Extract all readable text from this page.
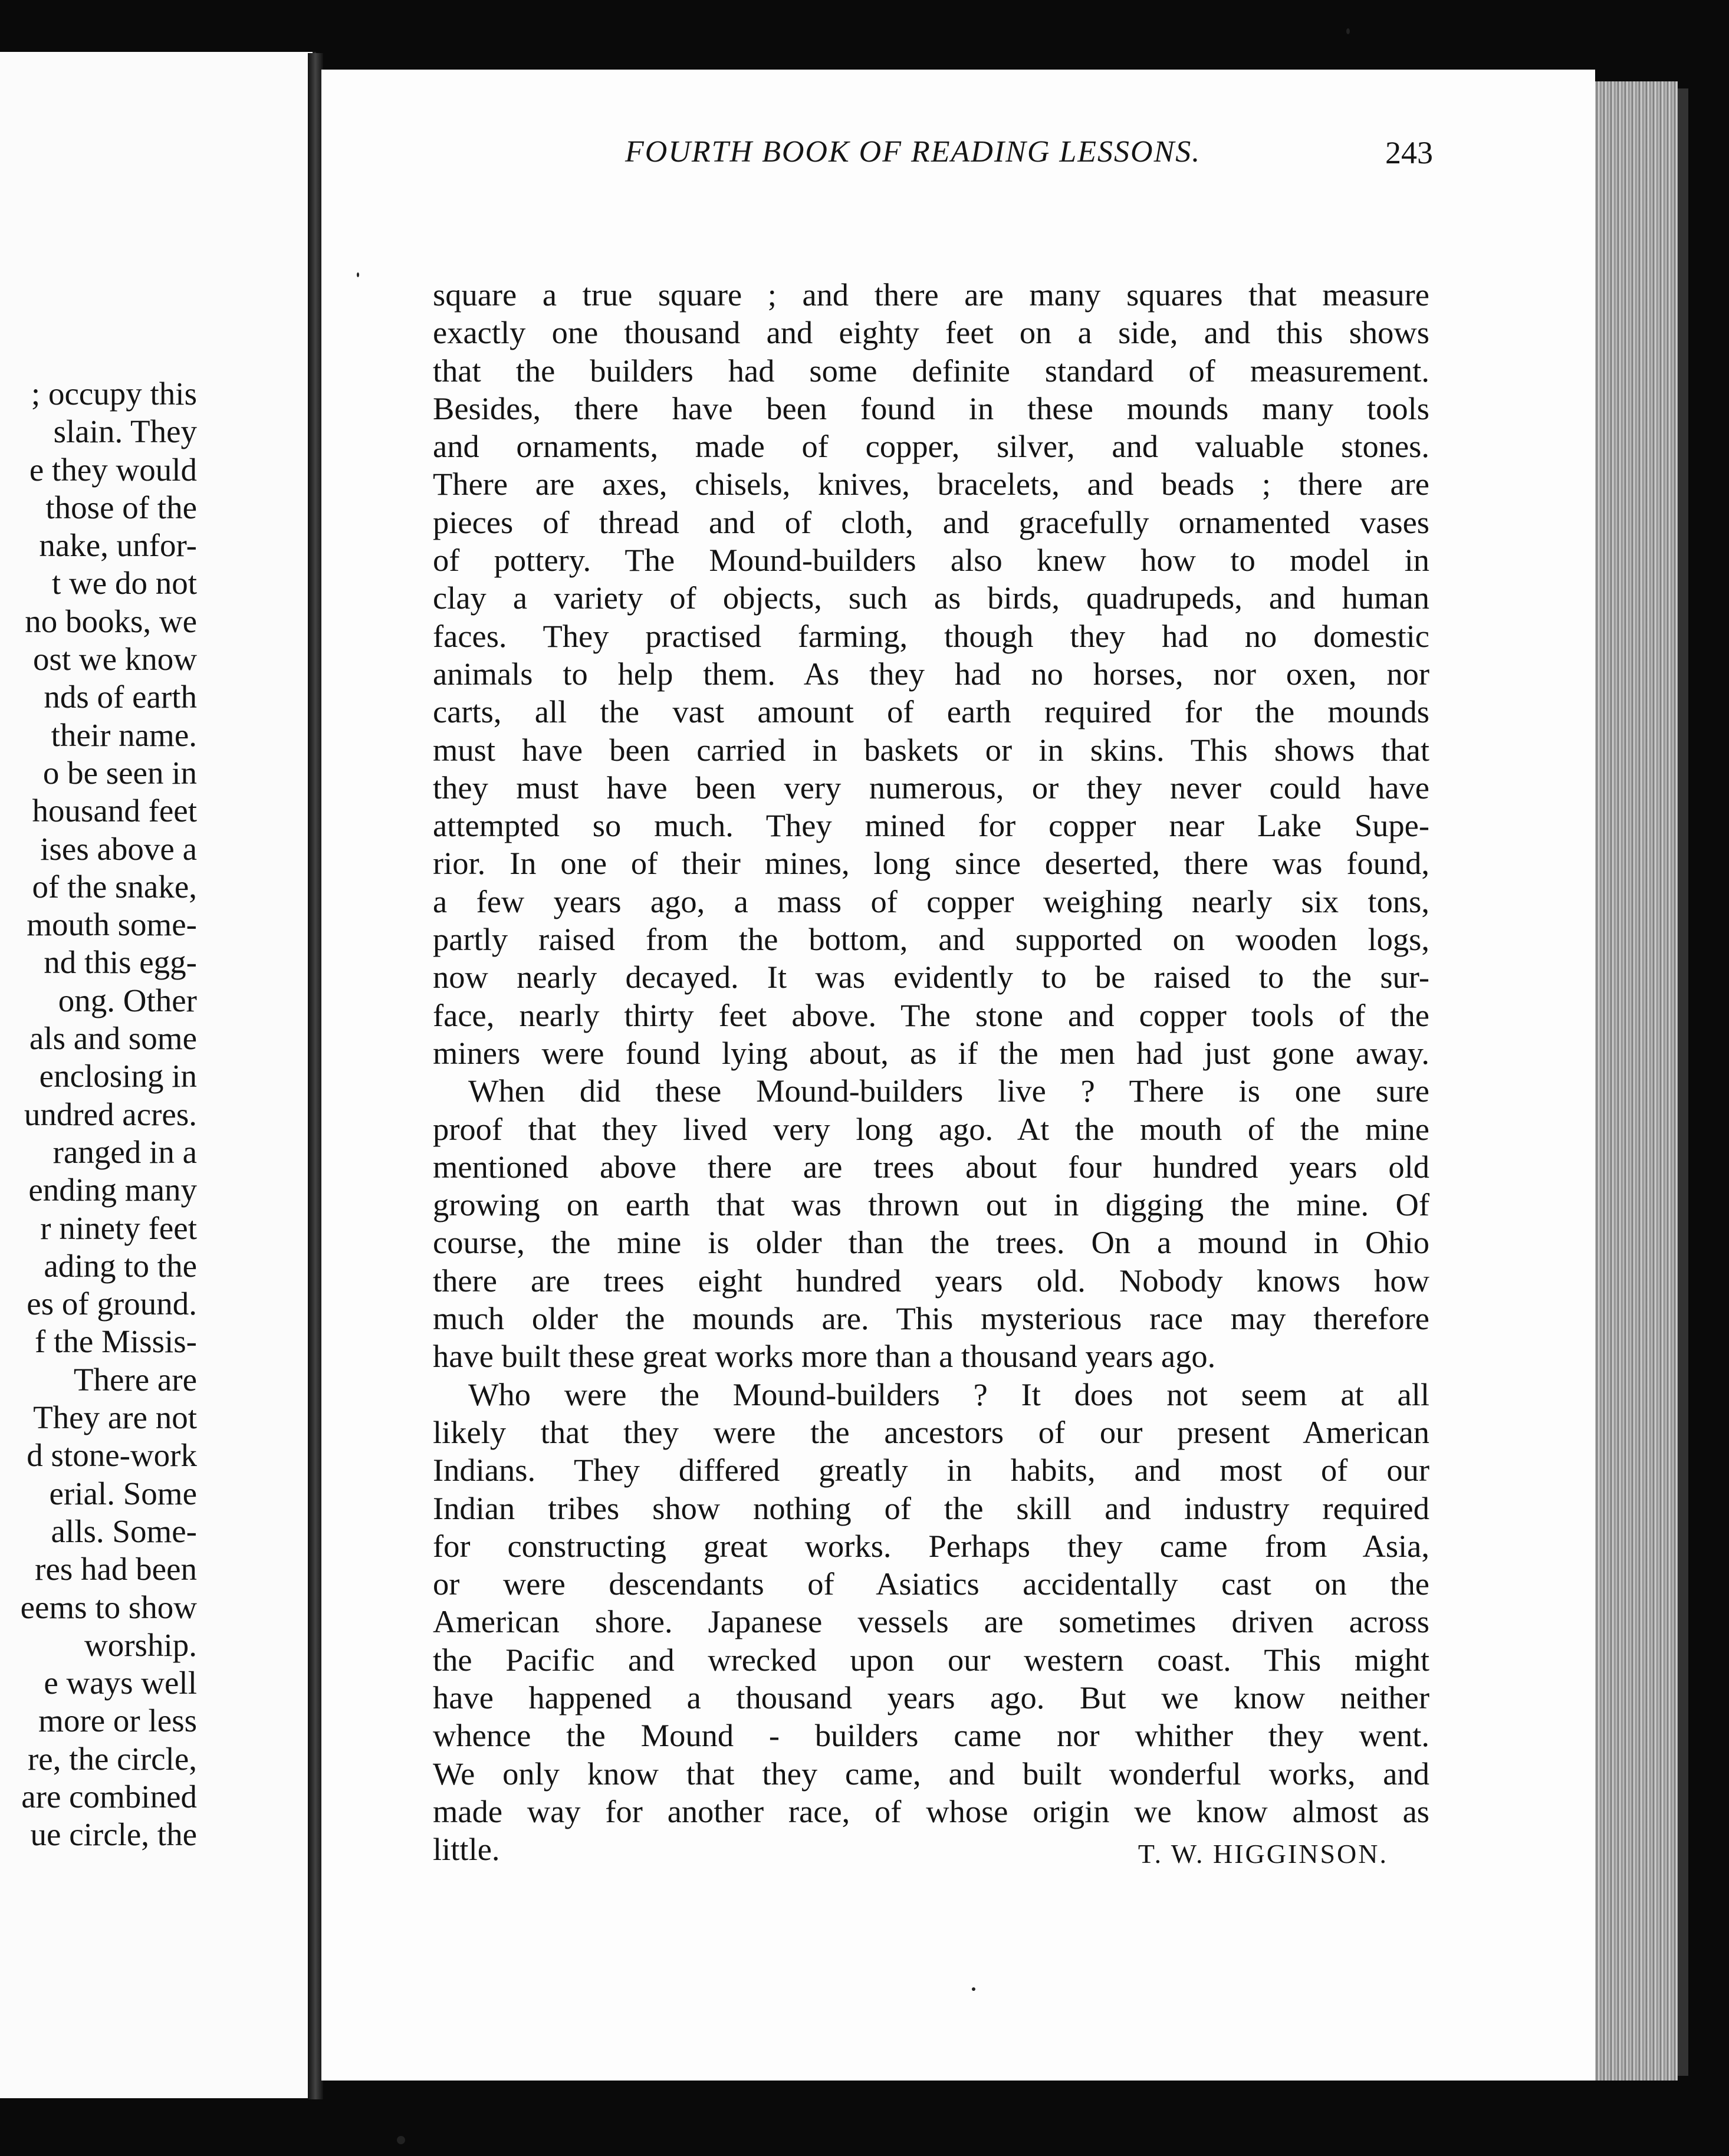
; occupy this
slain. They
e they would
those of the
nake, unfor-
t we do not
no books, we
ost we know
nds of earth
their name.
o be seen in
housand feet
ises above a
of the snake,
mouth some-
nd this egg-
ong. Other
als and some
enclosing in
undred acres.
ranged in a
ending many
r ninety feet
ading to the
es of ground.
f the Missis-
There are
They are not
d stone-work
erial. Some
alls. Some-
res had been
eems to show
worship.
e ways well
more or less
re, the circle,
are combined
ue circle, the
FOURTH BOOK OF READING LESSONS.	243
square a true square ; and there are many squares that measure
exactly one thousand and eighty feet on a side, and this shows
that the builders had some definite standard of measurement.
Besides, there have been found in these mounds many tools
and ornaments, made of copper, silver, and valuable stones.
There are axes, chisels, knives, bracelets, and beads ; there are
pieces of thread and of cloth, and gracefully ornamented vases
of pottery. The Mound-builders also knew how to model in
clay a variety of objects, such as birds, quadrupeds, and human
faces. They practised farming, though they had no domestic
animals to help them. As they had no horses, nor oxen, nor
carts, all the vast amount of earth required for the mounds
must have been carried in baskets or in skins. This shows that
they must have been very numerous, or they never could have
attempted so much. They mined for copper near Lake Supe-
rior. In one of their mines, long since deserted, there was found,
a few years ago, a mass of copper weighing nearly six tons,
partly raised from the bottom, and supported on wooden logs,
now nearly decayed. It was evidently to be raised to the sur-
face, nearly thirty feet above. The stone and copper tools of the
miners were found lying about, as if the men had just gone away.
When did these Mound-builders live ? There is one sure
proof that they lived very long ago. At the mouth of the mine
mentioned above there are trees about four hundred years old
growing on earth that was thrown out in digging the mine. Of
course, the mine is older than the trees. On a mound in Ohio
there are trees eight hundred years old. Nobody knows how
much older the mounds are. This mysterious race may therefore
have built these great works more than a thousand years ago.
Who were the Mound-builders ? It does not seem at all
likely that they were the ancestors of our present American
Indians. They differed greatly in habits, and most of our
Indian tribes show nothing of the skill and industry required
for constructing great works. Perhaps they came from Asia,
or were descendants of Asiatics accidentally cast on the
American shore. Japanese vessels are sometimes driven across
the Pacific and wrecked upon our western coast. This might
have happened a thousand years ago. But we know neither
whence the Mound - builders came nor whither they went.
We only know that they came, and built wonderful works, and
made way for another race, of whose origin we know almost as
little.	T. W. HIGGINSON.
